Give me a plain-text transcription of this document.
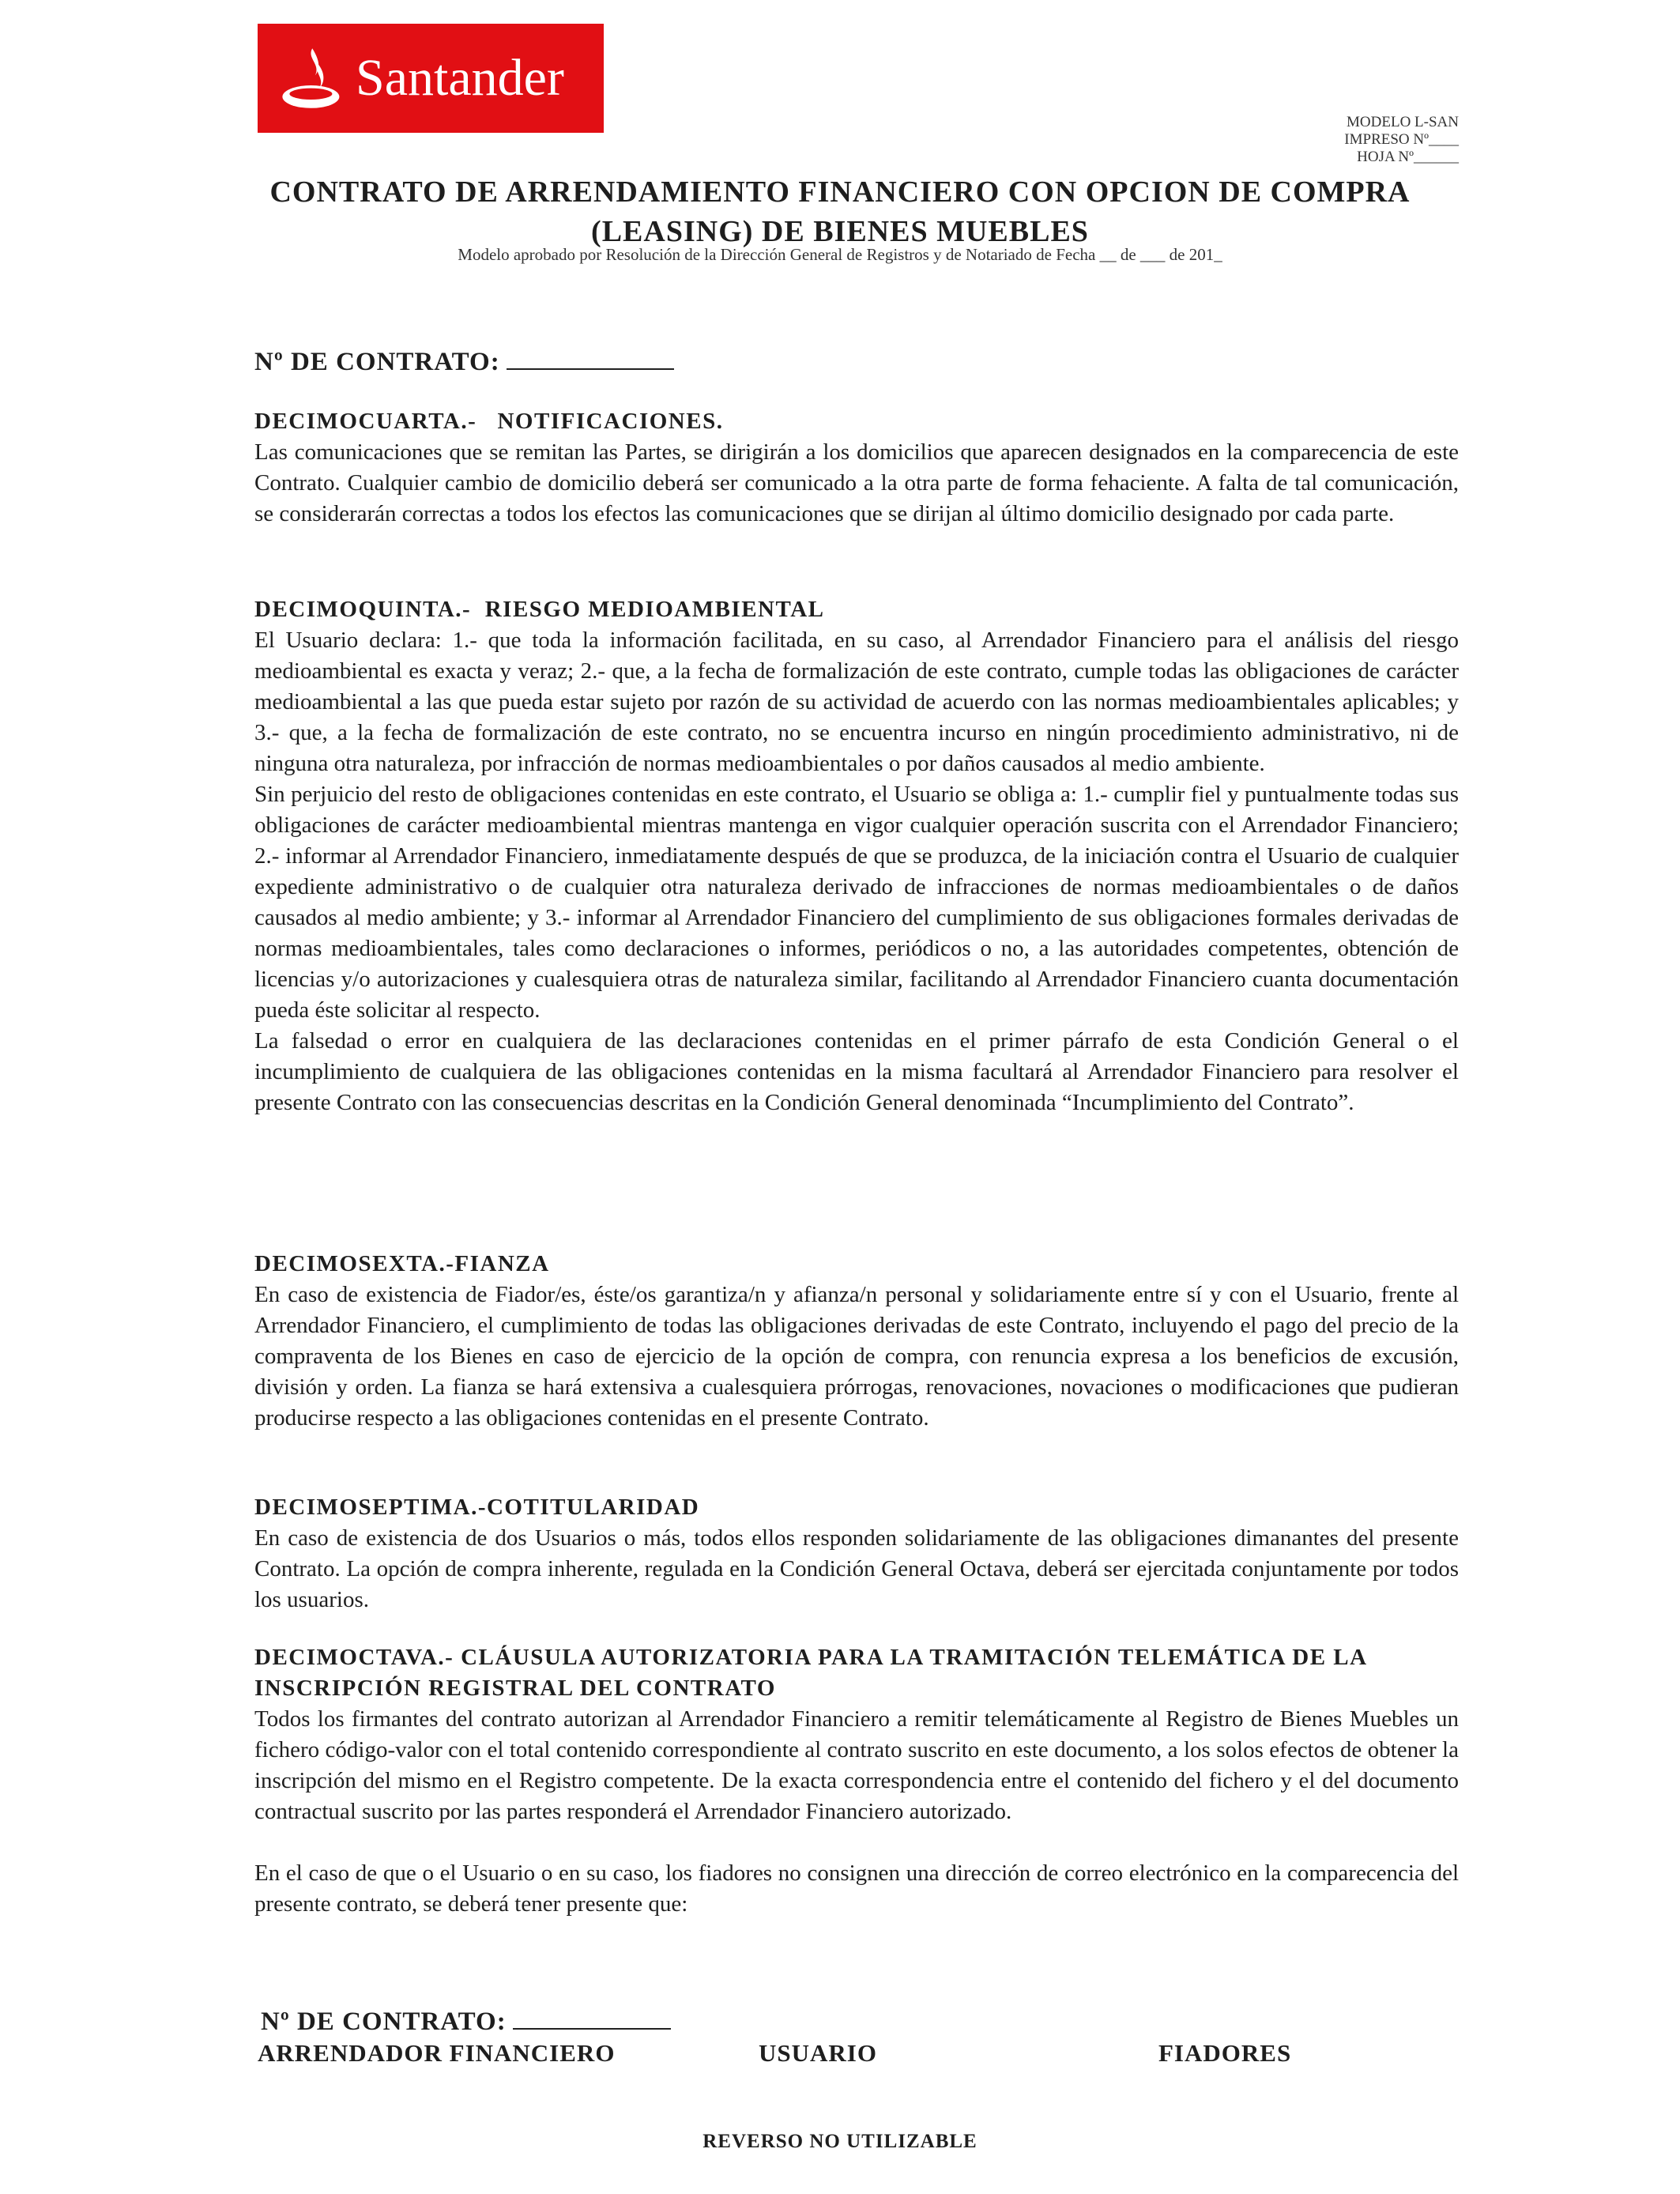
Santander
MODELO L-SAN
IMPRESO Nº____
HOJA Nº______
CONTRATO DE ARRENDAMIENTO FINANCIERO CON OPCION DE COMPRA
(LEASING) DE BIENES MUEBLES
Modelo aprobado por Resolución de la Dirección General de Registros y de Notariado de Fecha __ de ___ de 201_
Nº DE CONTRATO:
DECIMOCUARTA.-   NOTIFICACIONES.

Las comunicaciones que se remitan las Partes, se dirigirán a los domicilios que aparecen designados en la comparecencia de este Contrato. Cualquier cambio de domicilio deberá ser comunicado a la otra parte de forma fehaciente. A falta de tal comunicación, se considerarán correctas a todos los efectos las comunicaciones que se dirijan al último domicilio designado por cada parte.

DECIMOQUINTA.-  RIESGO MEDIOAMBIENTAL

El Usuario declara: 1.- que toda la información facilitada, en su caso, al Arrendador Financiero para el análisis del riesgo medioambiental es exacta y veraz; 2.- que, a la fecha de formalización de este contrato, cumple todas las obligaciones de carácter medioambiental a las que pueda estar sujeto por razón de su actividad de acuerdo con las normas medioambientales aplicables; y 3.- que, a la fecha de formalización de este contrato, no se encuentra incurso en ningún procedimiento administrativo, ni de ninguna otra naturaleza, por infracción de normas medioambientales o por daños causados al medio ambiente.

Sin perjuicio del resto de obligaciones contenidas en este contrato, el Usuario se obliga a: 1.- cumplir fiel y puntualmente todas sus obligaciones de carácter medioambiental mientras mantenga en vigor cualquier operación suscrita con el Arrendador Financiero; 2.- informar al Arrendador Financiero, inmediatamente después de que se produzca, de la iniciación contra el Usuario de cualquier expediente administrativo o de cualquier otra naturaleza derivado de infracciones de normas medioambientales o de daños causados al medio ambiente; y 3.- informar al Arrendador Financiero del cumplimiento de sus obligaciones formales derivadas de normas medioambientales, tales como declaraciones o informes, periódicos o no, a las autoridades competentes, obtención de licencias y/o autorizaciones y cualesquiera otras de naturaleza similar, facilitando al Arrendador Financiero cuanta documentación pueda éste solicitar al respecto.

La falsedad o error en cualquiera de las declaraciones contenidas en el primer párrafo de esta Condición General o el incumplimiento de cualquiera de las obligaciones contenidas en la misma facultará al Arrendador Financiero para resolver el presente Contrato con las consecuencias descritas en la Condición General denominada “Incumplimiento del Contrato”.

DECIMOSEXTA.-FIANZA

En caso de existencia de Fiador/es, éste/os garantiza/n y afianza/n personal y solidariamente entre sí y con el Usuario, frente al Arrendador Financiero, el cumplimiento de todas las obligaciones derivadas de este Contrato, incluyendo el pago del precio de la compraventa de los Bienes en caso de ejercicio de la opción de compra, con renuncia expresa a los beneficios de excusión, división y orden. La fianza se hará extensiva a cualesquiera prórrogas, renovaciones, novaciones o modificaciones que pudieran producirse respecto a las obligaciones contenidas en el presente Contrato.

DECIMOSEPTIMA.-COTITULARIDAD

En caso de existencia de dos Usuarios o más, todos ellos responden solidariamente de las obligaciones dimanantes del presente Contrato. La opción de compra inherente, regulada en la Condición General Octava, deberá ser ejercitada conjuntamente por todos los usuarios.

DECIMOCTAVA.- CLÁUSULA AUTORIZATORIA PARA LA TRAMITACIÓN TELEMÁTICA DE LA INSCRIPCIÓN REGISTRAL DEL CONTRATO

Todos los firmantes del contrato autorizan al Arrendador Financiero a remitir telemáticamente al Registro de Bienes Muebles un fichero código-valor con el total contenido correspondiente al contrato suscrito en este documento, a los solos efectos de obtener la inscripción del mismo en el Registro competente. De la exacta correspondencia entre el contenido del fichero y el del documento contractual suscrito por las partes responderá el Arrendador Financiero autorizado.

En el caso de que o el Usuario o en su caso, los fiadores no consignen una dirección de correo electrónico en la comparecencia del presente contrato, se deberá tener presente que:

Nº DE CONTRATO:
ARRENDADOR FINANCIERO	USUARIO	FIADORES
REVERSO NO UTILIZABLE
